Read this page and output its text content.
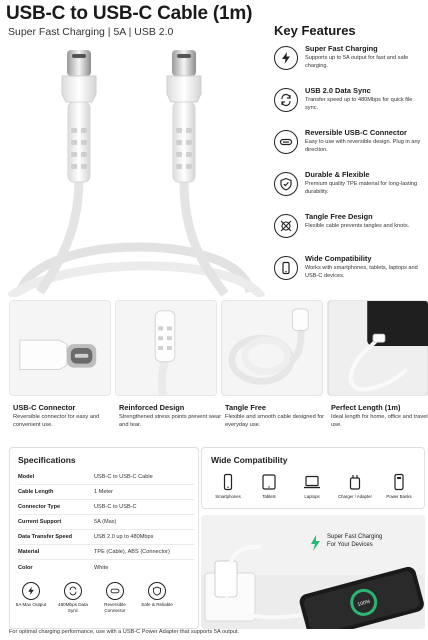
USB-C to USB-C Cable (1m)
Super Fast Charging | 5A | USB 2.0	Key Features
Super Fast Charging
Supports up to 5A output for fast and safe charging.
USB 2.0 Data Sync
Transfer speed up to 480Mbps for quick file sync.
Reversible USB-C Connector
Easy to use with reversible design. Plug in any direction.
Durable & Flexible
Premium quality TPE material for long-lasting durability.
Tangle Free Design
Flexible cable prevents tangles and knots.
Wide Compatibility
Works with smartphones, tablets, laptops and USB-C devices.
USB-C Connector
Reversible connector for easy and convenient use.
Reinforced Design
Strengthened stress points prevent wear and tear.
Tangle Free
Flexible and smooth cable designed for everyday use.
Perfect Length (1m)
Ideal length for home, office and travel use.
Specifications
Model	USB-C to USB-C Cable
Cable Length	1 Meter
Connector Type	USB-C to USB-C
Current Support	5A (Max)
Data Transfer Speed	USB 2.0 up to 480Mbps
Material	TPE (Cable), ABS (Connector)
Color	White
5A Max Output	480Mbps Data Sync
Reversible Connector
Safe & Reliable
Wide Compatibility
Smartphones	Tablets	Laptops	Charger / Adapter	Power Banks
100%
Super Fast Charging
For Your Devices
For optimal charging performance, use with a USB-C Power Adapter that supports 5A output.
